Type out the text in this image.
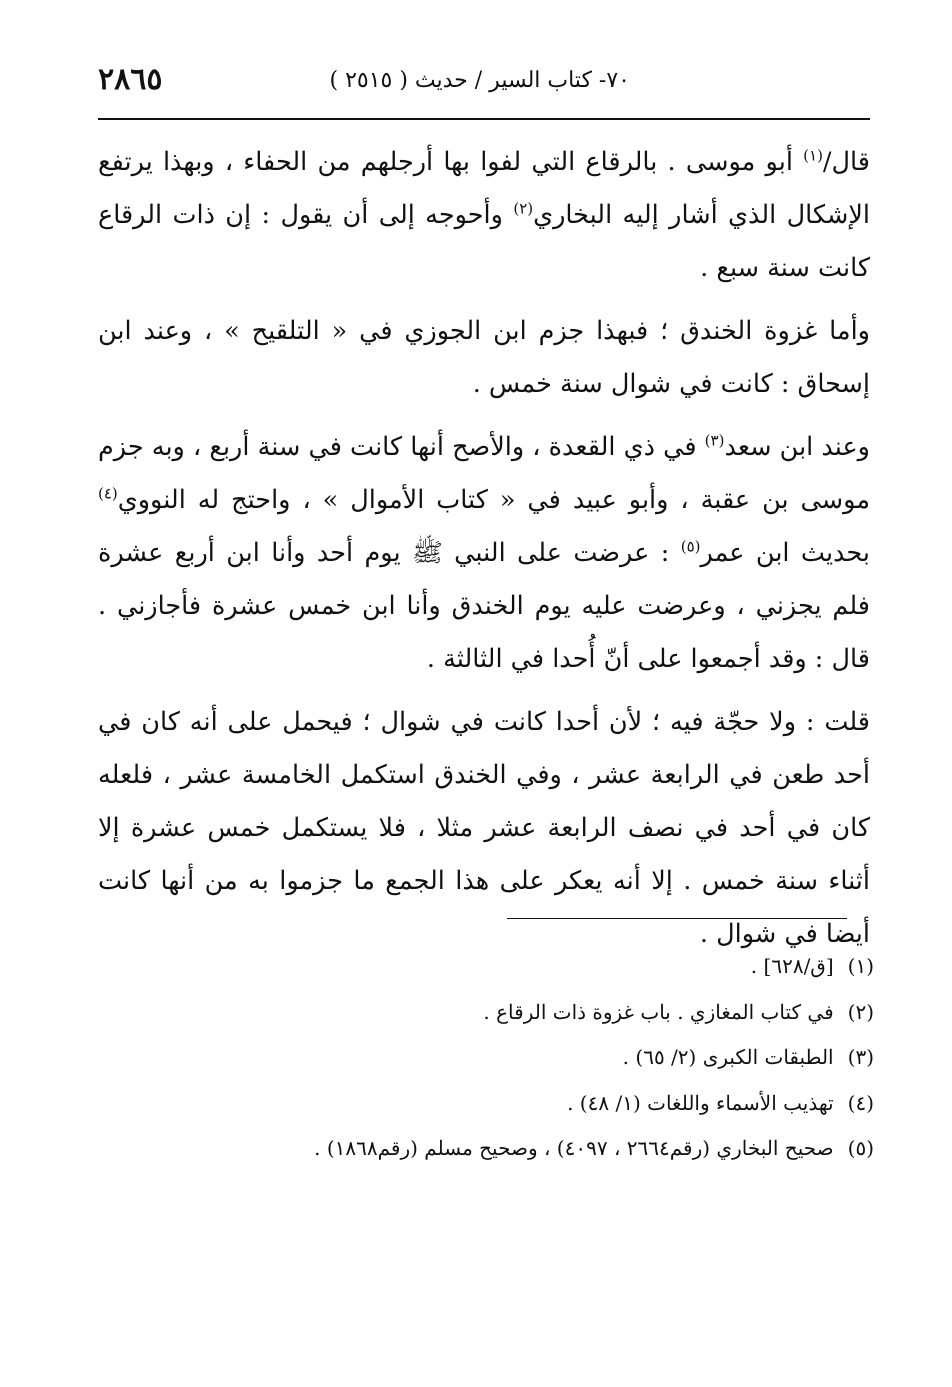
٧٠- كتاب السير / حديث ( ٢٥١٥ )
٢٨٦٥

قال/$^{(١)}$ أبو موسى . بالرقاع التي لفوا بها أرجلهم من الحفاء ، وبهذا يرتفع الإشكال الذي أشار إليه البخاري$^{(٢)}$ وأحوجه إلى أن يقول : إن ذات الرقاع كانت سنة سبع .

وأما غزوة الخندق ؛ فبهذا جزم ابن الجوزي في « التلقيح » ، وعند ابن إسحاق : كانت في شوال سنة خمس .

وعند ابن سعد$^{(٣)}$ في ذي القعدة ، والأصح أنها كانت في سنة أربع ، وبه جزم موسى بن عقبة ، وأبو عبيد في « كتاب الأموال » ، واحتج له النووي$^{(٤)}$ بحديث ابن عمر$^{(٥)}$ : عرضت على النبي ﷺ يوم أحد وأنا ابن أربع عشرة فلم يجزني ، وعرضت عليه يوم الخندق وأنا ابن خمس عشرة فأجازني . قال : وقد أجمعوا على أنّ أُحدا في الثالثة .

قلت : ولا حجّة فيه ؛ لأن أحدا كانت في شوال ؛ فيحمل على أنه كان في أحد طعن في الرابعة عشر ، وفي الخندق استكمل الخامسة عشر ، فلعله كان في أحد في نصف الرابعة عشر مثلا ، فلا يستكمل خمس عشرة إلا أثناء سنة خمس . إلا أنه يعكر على هذا الجمع ما جزموا به من أنها كانت أيضا في شوال .

(١)[ق/٦٢٨] .

(٢)في كتاب المغازي . باب غزوة ذات الرقاع .

(٣)الطبقات الكبرى (٢/ ٦٥) .

(٤)تهذيب الأسماء واللغات (١/ ٤٨) .

(٥)صحيح البخاري (رقم٢٦٦٤ ، ٤٠٩٧) ، وصحيح مسلم (رقم١٨٦٨) .
